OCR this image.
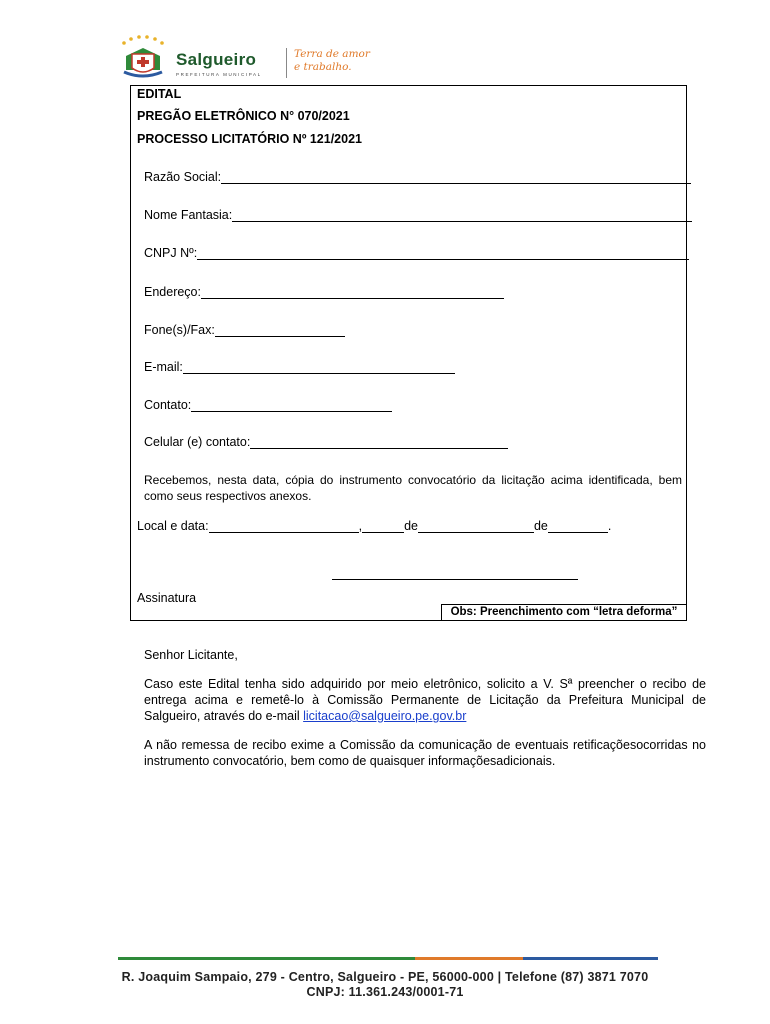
Salgueiro
PREFEITURA MUNICIPAL
Terra de amor
e trabalho.
EDITAL
PREGÃO ELETRÔNICO N° 070/2021
PROCESSO LICITATÓRIO Nº 121/2021
Razão Social:
Nome Fantasia:
CNPJ Nº:
Endereço:
Fone(s)/Fax:
E-mail:
Contato:
Celular (e) contato:
Recebemos, nesta data, cópia do instrumento convocatório da licitação acima identificada, bem como seus respectivos anexos.
Local e data:	,	de	de	.
Assinatura
Obs: Preenchimento com “letra deforma”
Senhor Licitante,
Caso este Edital tenha sido adquirido por meio eletrônico, solicito a V. Sª preencher o recibo de entrega acima e remetê-lo à Comissão Permanente de Licitação da Prefeitura Municipal de Salgueiro, através do e-mail licitacao@salgueiro.pe.gov.br
A não remessa de recibo exime a Comissão da comunicação de eventuais retificaçõesocorridas no instrumento convocatório, bem como de quaisquer informaçõesadicionais.
R. Joaquim Sampaio, 279 - Centro, Salgueiro - PE, 56000-000 | Telefone (87) 3871 7070
CNPJ: 11.361.243/0001-71
